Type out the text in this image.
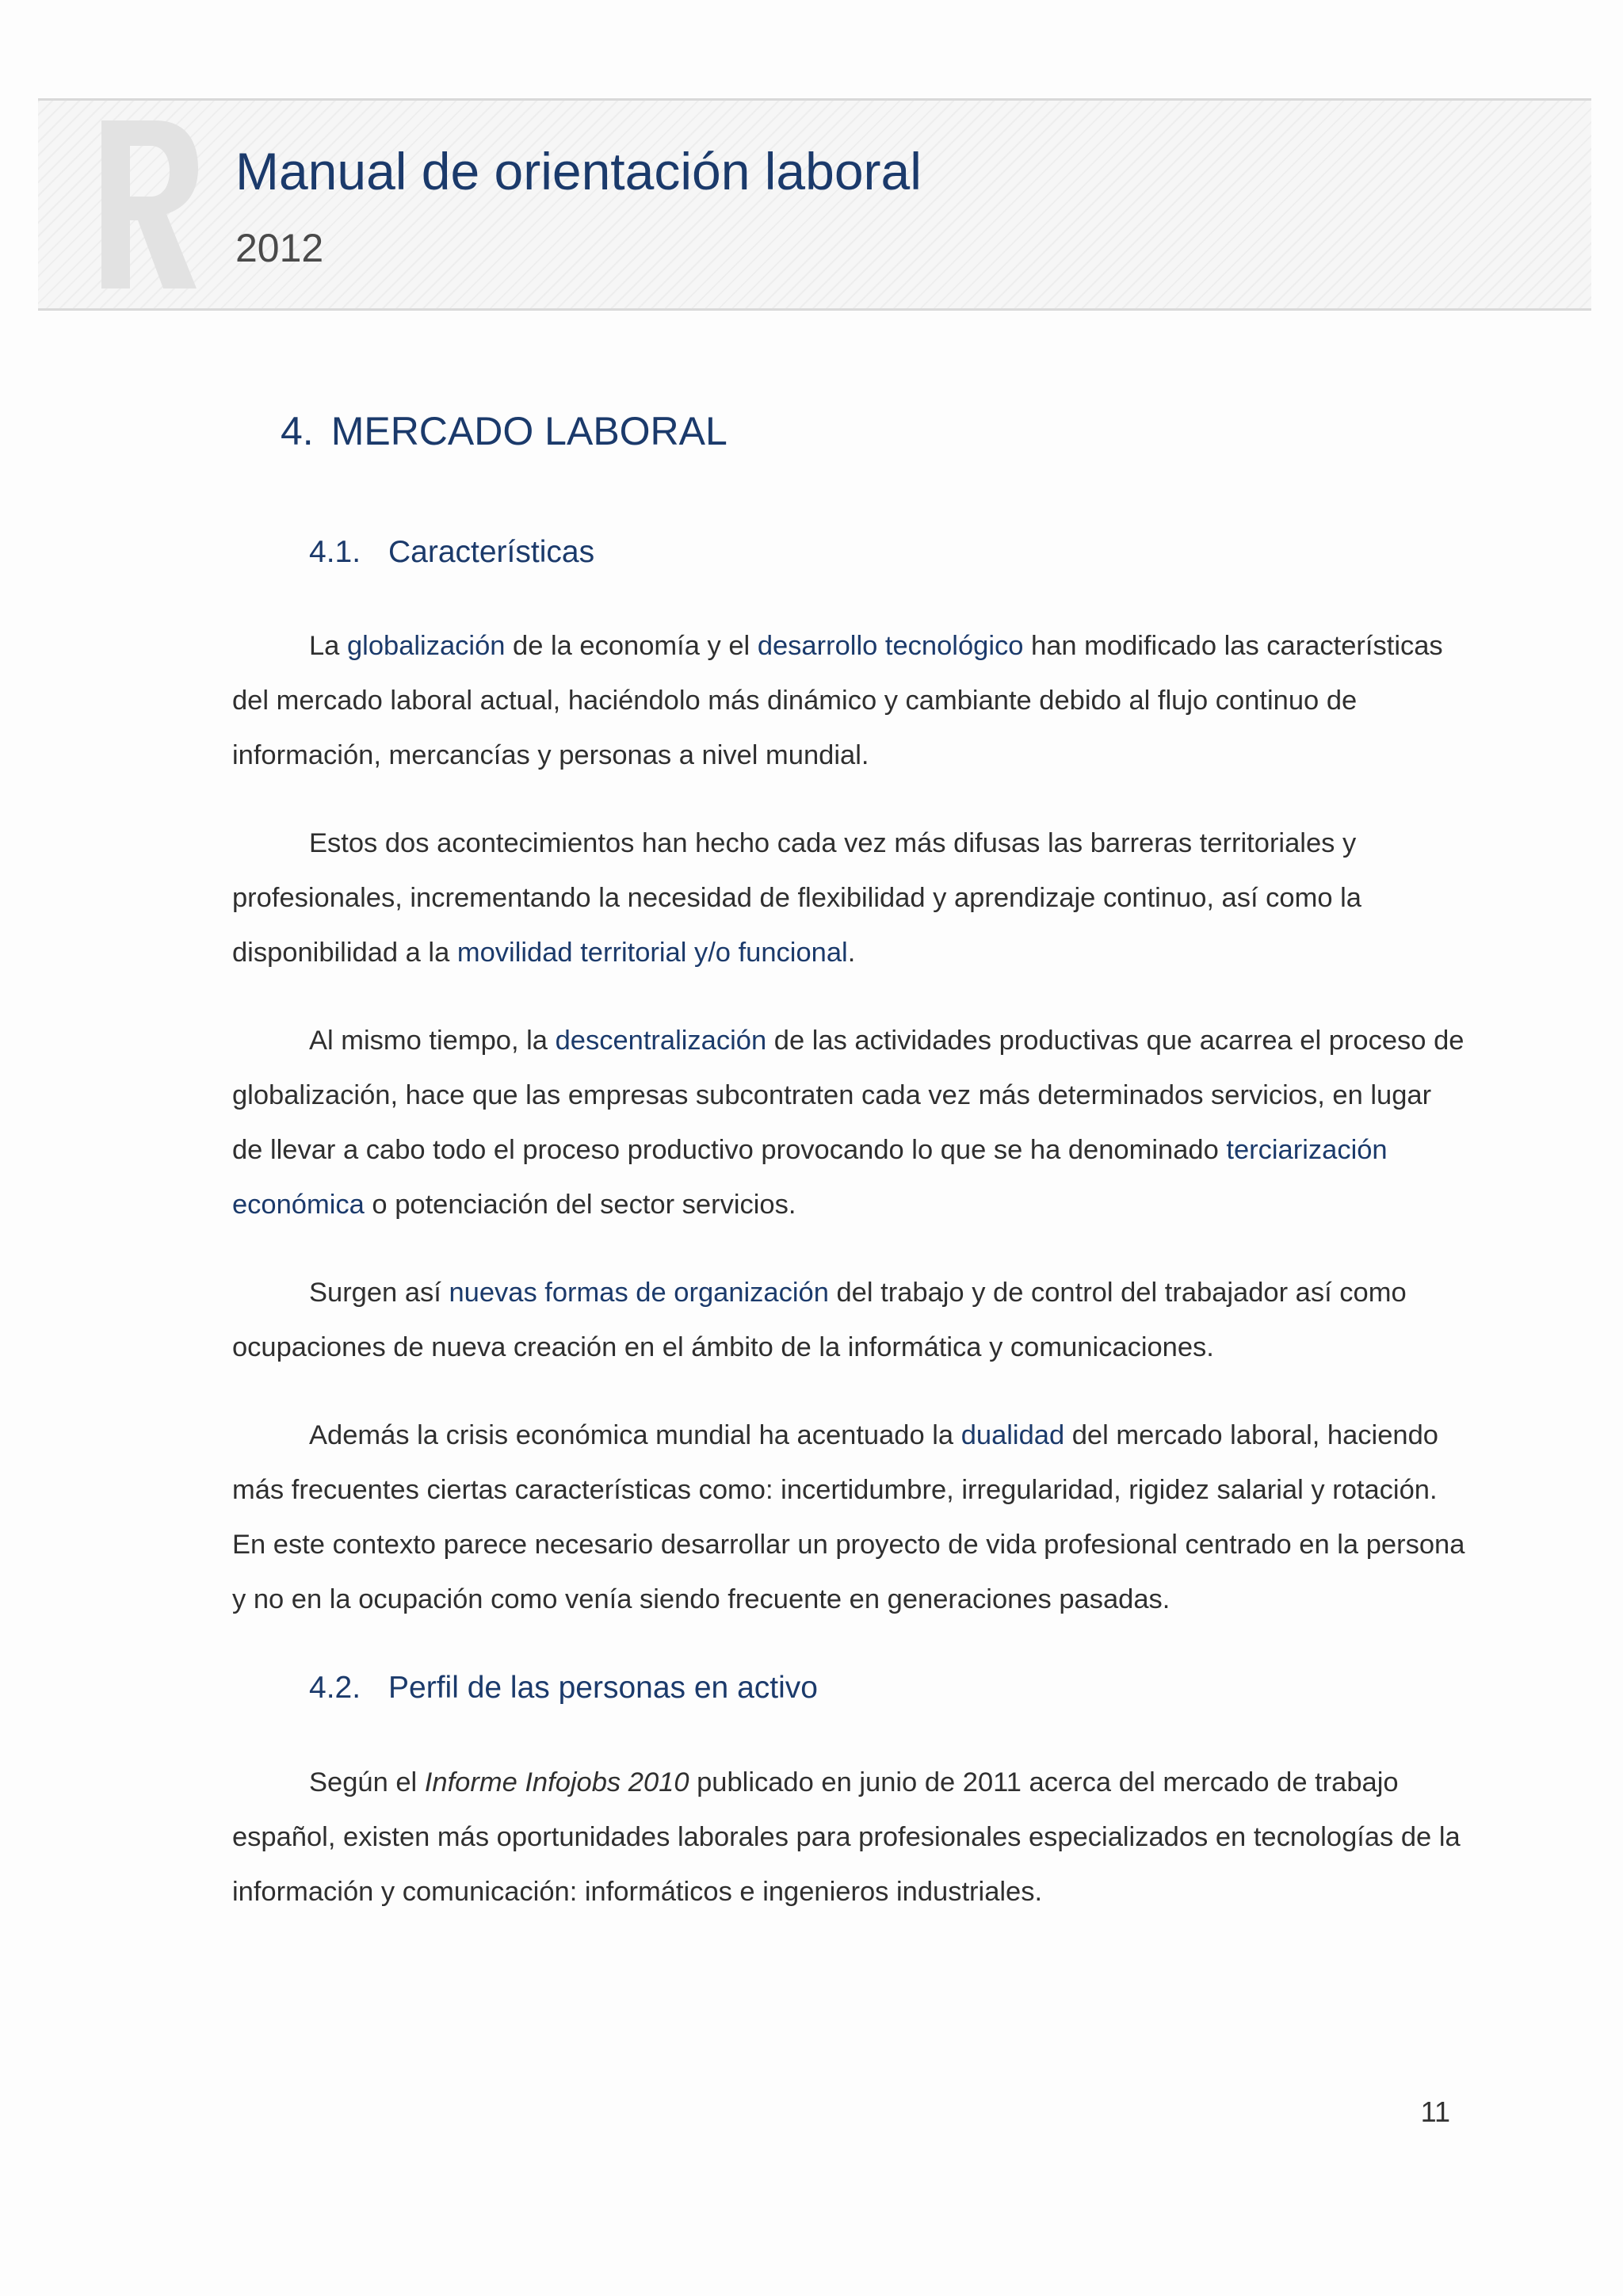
Manual de orientación laboral
2012
4. MERCADO LABORAL
4.1. Características

La globalización de la economía y el desarrollo tecnológico han modificado las características del mercado laboral actual, haciéndolo más dinámico y cambiante debido al flujo continuo de información, mercancías y personas a nivel mundial.

Estos dos acontecimientos han hecho cada vez más difusas las barreras territoriales y profesionales, incrementando la necesidad de flexibilidad y aprendizaje continuo, así como la disponibilidad a la movilidad territorial y/o funcional.

Al mismo tiempo, la descentralización de las actividades productivas que acarrea el proceso de globalización, hace que las empresas subcontraten cada vez más determinados servicios, en lugar de llevar a cabo todo el proceso productivo provocando lo que se ha denominado terciarización económica o potenciación del sector servicios.

Surgen así nuevas formas de organización del trabajo y de control del trabajador así como ocupaciones de nueva creación en el ámbito de la informática y comunicaciones.

Además la crisis económica mundial ha acentuado la dualidad del mercado laboral, haciendo más frecuentes ciertas características como: incertidumbre, irregularidad, rigidez salarial y rotación. En este contexto parece necesario desarrollar un proyecto de vida profesional centrado en la persona y no en la ocupación como venía siendo frecuente en generaciones pasadas.

4.2. Perfil de las personas en activo

Según el Informe Infojobs 2010 publicado en junio de 2011 acerca del mercado de trabajo español, existen más oportunidades laborales para profesionales especializados en tecnologías de la información y comunicación: informáticos e ingenieros industriales.

11
